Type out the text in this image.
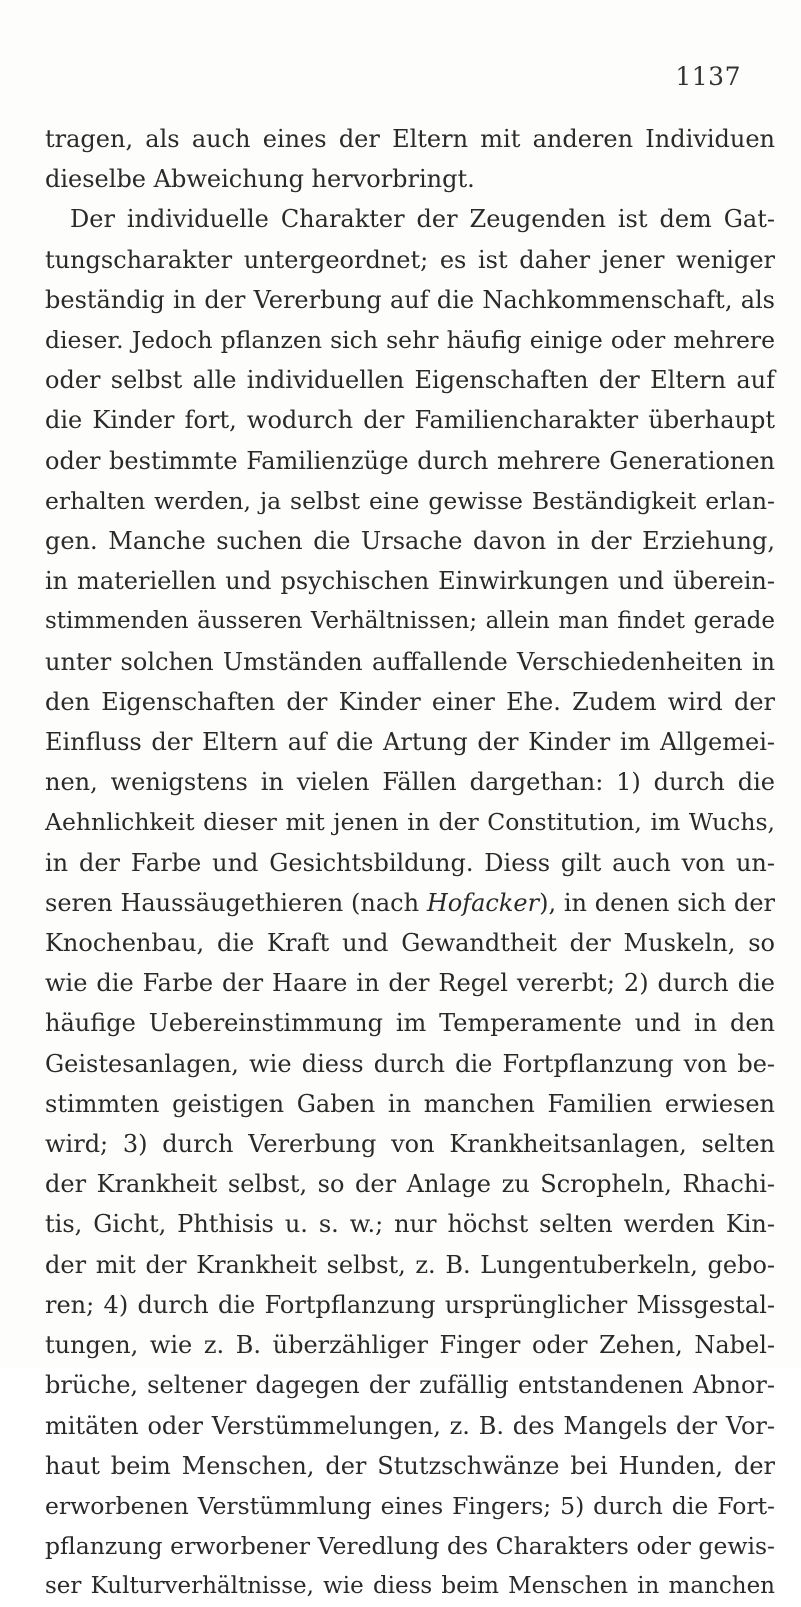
1137
tragen, als auch eines der Eltern mit anderen Individuen
dieselbe Abweichung hervorbringt.
Der individuelle Charakter der Zeugenden ist dem Gat-
tungscharakter untergeordnet; es ist daher jener weniger
beständig in der Vererbung auf die Nachkommenschaft, als
dieser. Jedoch pflanzen sich sehr häufig einige oder mehrere
oder selbst alle individuellen Eigenschaften der Eltern auf
die Kinder fort, wodurch der Familiencharakter überhaupt
oder bestimmte Familienzüge durch mehrere Generationen
erhalten werden, ja selbst eine gewisse Beständigkeit erlan-
gen. Manche suchen die Ursache davon in der Erziehung,
in materiellen und psychischen Einwirkungen und überein-
stimmenden äusseren Verhältnissen; allein man findet gerade
unter solchen Umständen auffallende Verschiedenheiten in
den Eigenschaften der Kinder einer Ehe. Zudem wird der
Einfluss der Eltern auf die Artung der Kinder im Allgemei-
nen, wenigstens in vielen Fällen dargethan: 1) durch die
Aehnlichkeit dieser mit jenen in der Constitution, im Wuchs,
in der Farbe und Gesichtsbildung. Diess gilt auch von un-
seren Haussäugethieren (nach Hofacker), in denen sich der
Knochenbau, die Kraft und Gewandtheit der Muskeln, so
wie die Farbe der Haare in der Regel vererbt; 2) durch die
häufige Uebereinstimmung im Temperamente und in den
Geistesanlagen, wie diess durch die Fortpflanzung von be-
stimmten geistigen Gaben in manchen Familien erwiesen
wird; 3) durch Vererbung von Krankheitsanlagen, selten
der Krankheit selbst, so der Anlage zu Scropheln, Rhachi-
tis, Gicht, Phthisis u. s. w.; nur höchst selten werden Kin-
der mit der Krankheit selbst, z. B. Lungentuberkeln, gebo-
ren; 4) durch die Fortpflanzung ursprünglicher Missgestal-
tungen, wie z. B. überzähliger Finger oder Zehen, Nabel-
brüche, seltener dagegen der zufällig entstandenen Abnor-
mitäten oder Verstümmelungen, z. B. des Mangels der Vor-
haut beim Menschen, der Stutzschwänze bei Hunden, der
erworbenen Verstümmlung eines Fingers; 5) durch die Fort-
pflanzung erworbener Veredlung des Charakters oder gewis-
ser Kulturverhältnisse, wie diess beim Menschen in manchen
